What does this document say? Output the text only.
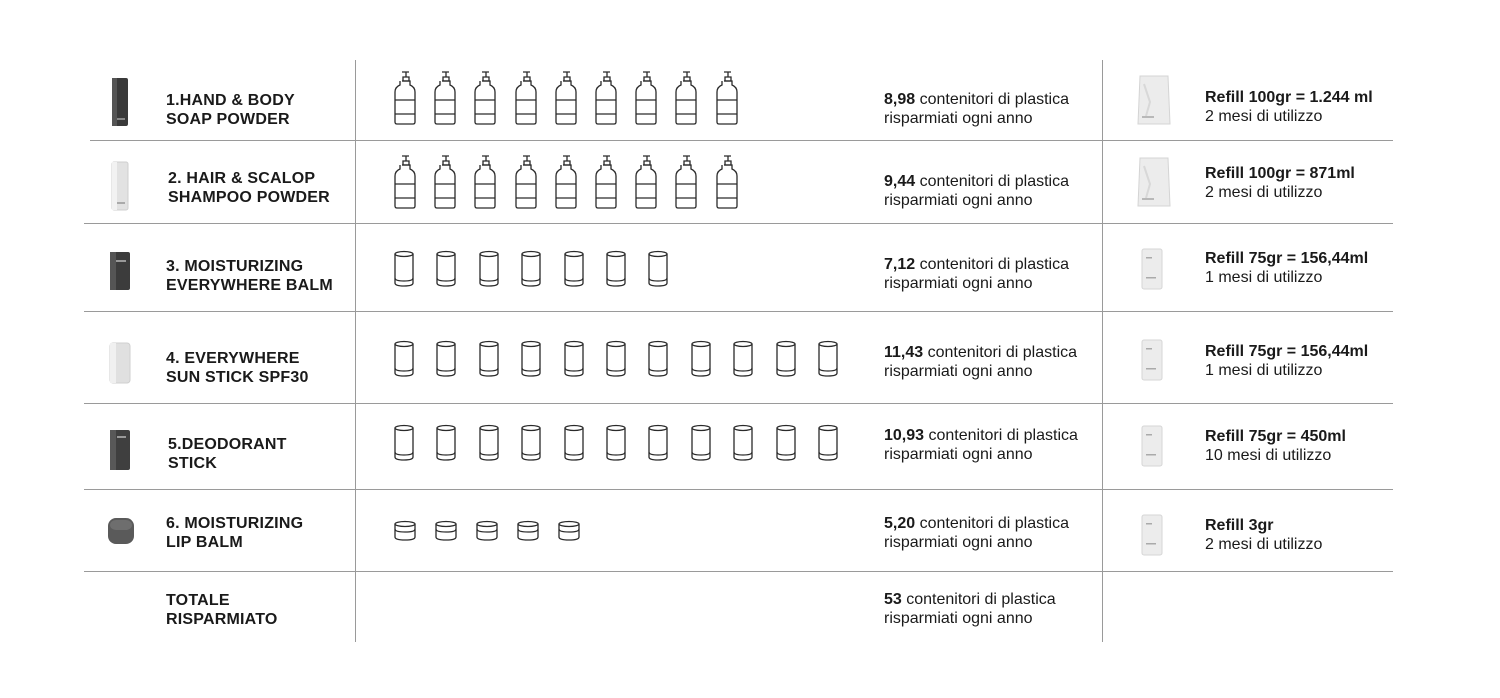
1.HAND & BODY
SOAP POWDER
8,98 contenitori di plastica
risparmiati ogni anno
Refill 100gr = 1.244 ml
2 mesi di utilizzo
2. HAIR & SCALOP
SHAMPOO POWDER
9,44 contenitori di plastica
risparmiati ogni anno
Refill 100gr = 871ml
2 mesi di utilizzo
3. MOISTURIZING
EVERYWHERE BALM
7,12 contenitori di plastica
risparmiati ogni anno
Refill 75gr = 156,44ml
1 mesi di utilizzo
4. EVERYWHERE
SUN STICK SPF30
11,43 contenitori di plastica
risparmiati ogni anno
Refill 75gr = 156,44ml
1 mesi di utilizzo
5.DEODORANT
STICK
10,93 contenitori di plastica
risparmiati ogni anno
Refill 75gr = 450ml
10 mesi di utilizzo
6. MOISTURIZING
LIP BALM
5,20 contenitori di plastica
risparmiati ogni anno
Refill 3gr
2 mesi di utilizzo
TOTALE
RISPARMIATO
53 contenitori di plastica
risparmiati ogni anno
